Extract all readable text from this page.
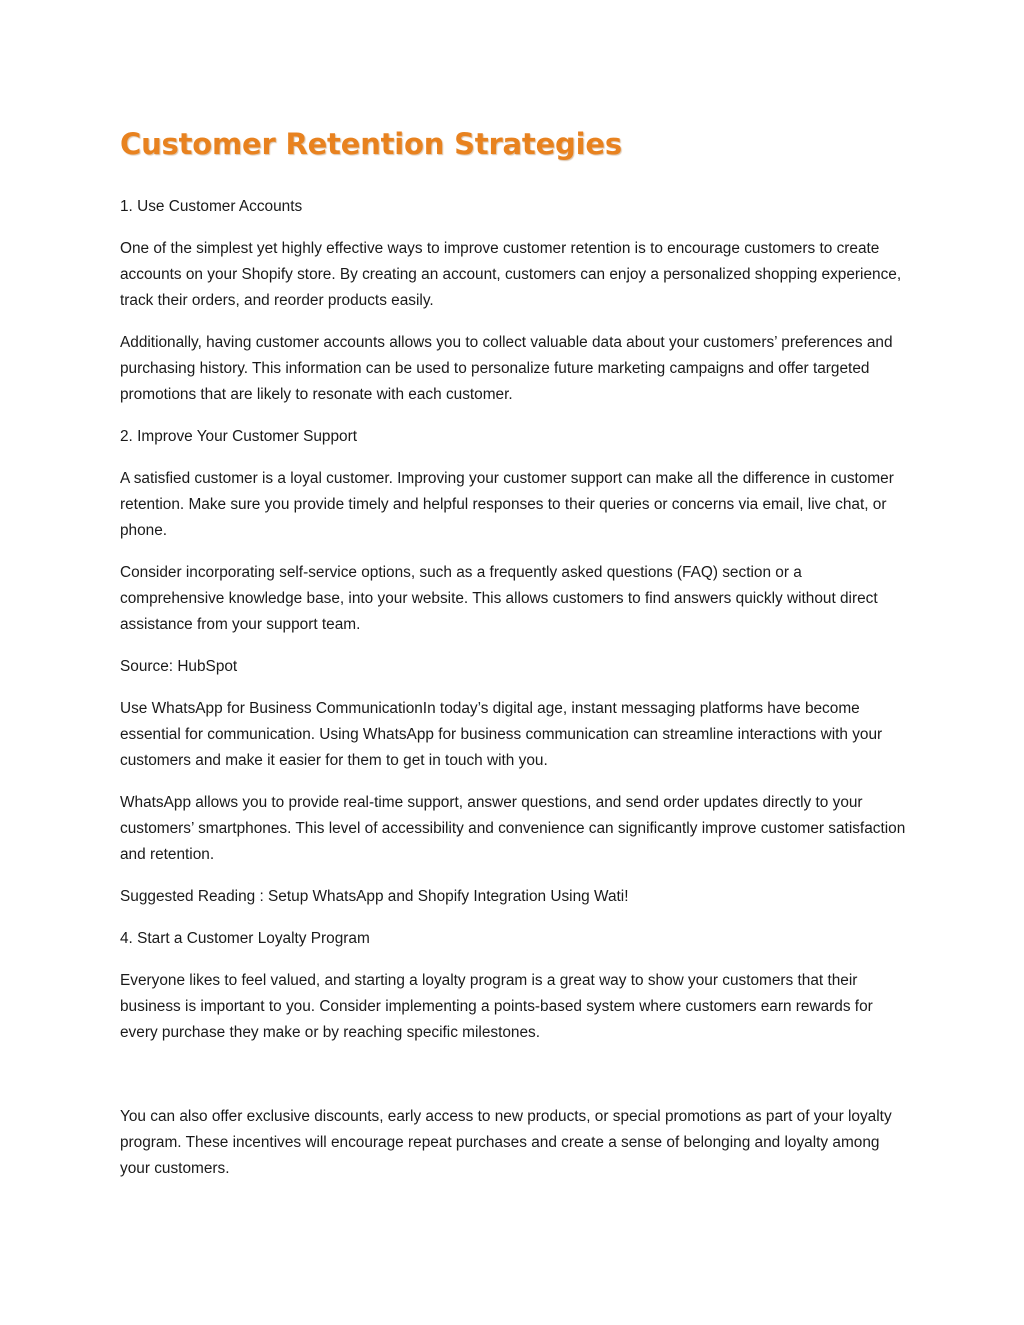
Customer Retention Strategies

1. Use Customer Accounts

One of the simplest yet highly effective ways to improve customer retention is to encourage customers to create accounts on your Shopify store. By creating an account, customers can enjoy a personalized shopping experience, track their orders, and reorder products easily.

Additionally, having customer accounts allows you to collect valuable data about your customers’ preferences and purchasing history. This information can be used to personalize future marketing campaigns and offer targeted promotions that are likely to resonate with each customer.

2. Improve Your Customer Support

A satisfied customer is a loyal customer. Improving your customer support can make all the difference in customer retention. Make sure you provide timely and helpful responses to their queries or concerns via email, live chat, or phone.

Consider incorporating self-service options, such as a frequently asked questions (FAQ) section or a comprehensive knowledge base, into your website. This allows customers to find answers quickly without direct assistance from your support team.

Source: HubSpot

Use WhatsApp for Business CommunicationIn today’s digital age, instant messaging platforms have become essential for communication. Using WhatsApp for business communication can streamline interactions with your customers and make it easier for them to get in touch with you.

WhatsApp allows you to provide real-time support, answer questions, and send order updates directly to your customers’ smartphones. This level of accessibility and convenience can significantly improve customer satisfaction and retention.

Suggested Reading : Setup WhatsApp and Shopify Integration Using Wati!

4. Start a Customer Loyalty Program

Everyone likes to feel valued, and starting a loyalty program is a great way to show your customers that their business is important to you. Consider implementing a points-based system where customers earn rewards for every purchase they make or by reaching specific milestones.

You can also offer exclusive discounts, early access to new products, or special promotions as part of your loyalty program. These incentives will encourage repeat purchases and create a sense of belonging and loyalty among your customers.
